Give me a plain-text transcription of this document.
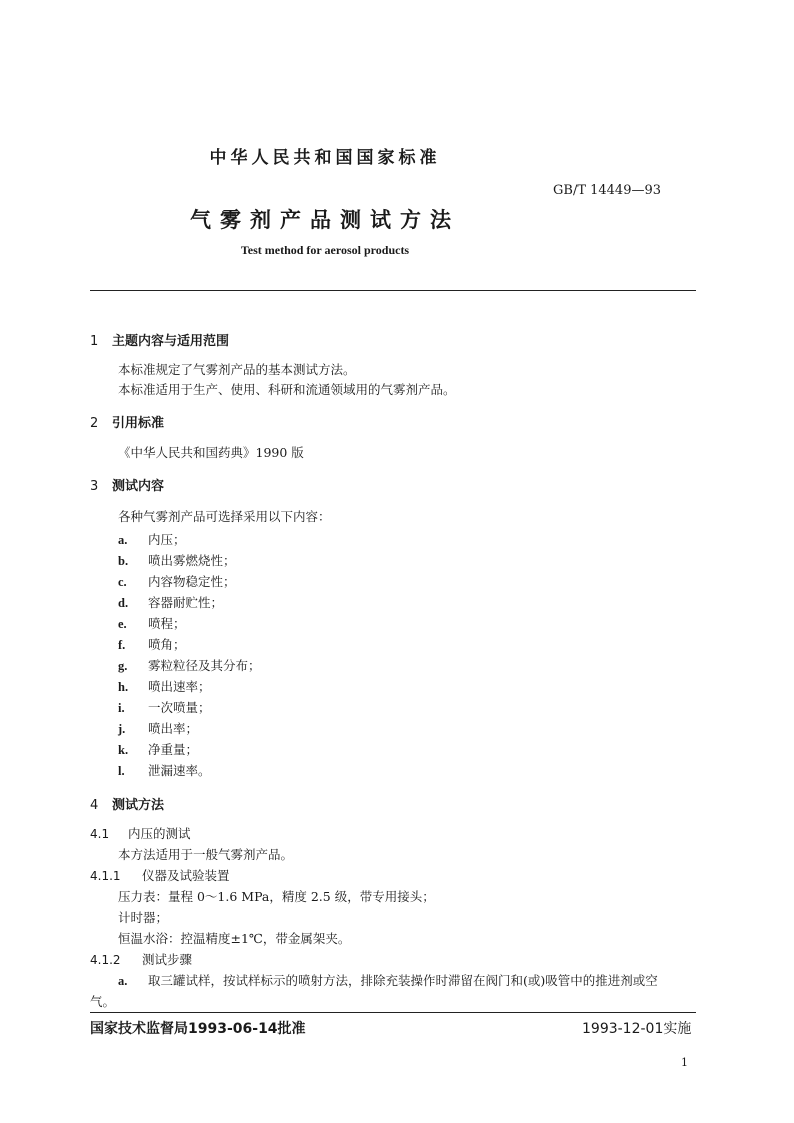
中华人民共和国国家标准
GB/T 14449—93
气雾剂产品测试方法
Test method for aerosol products
1 主题内容与适用范围
本标准规定了气雾剂产品的基本测试方法。
本标准适用于生产、使用、科研和流通领域用的气雾剂产品。
2 引用标准
《中华人民共和国药典》1990 版
3 测试内容
各种气雾剂产品可选择采用以下内容：
a. 内压；
b. 喷出雾燃烧性；
c. 内容物稳定性；
d. 容器耐贮性；
e. 喷程；
f. 喷角；
g. 雾粒粒径及其分布；
h. 喷出速率；
i. 一次喷量；
j. 喷出率；
k. 净重量；
l. 泄漏速率。
4 测试方法
4.1 内压的测试
本方法适用于一般气雾剂产品。
4.1.1 仪器及试验装置
压力表：量程 0～1.6 MPa，精度 2.5 级，带专用接头；
计时器；
恒温水浴：控温精度±1℃，带金属架夹。
4.1.2 测试步骤
a. 取三罐试样，按试样标示的喷射方法，排除充装操作时滞留在阀门和(或)吸管中的推进剂或空
气。
国家技术监督局1993-06-14批准	1993-12-01实施
1
